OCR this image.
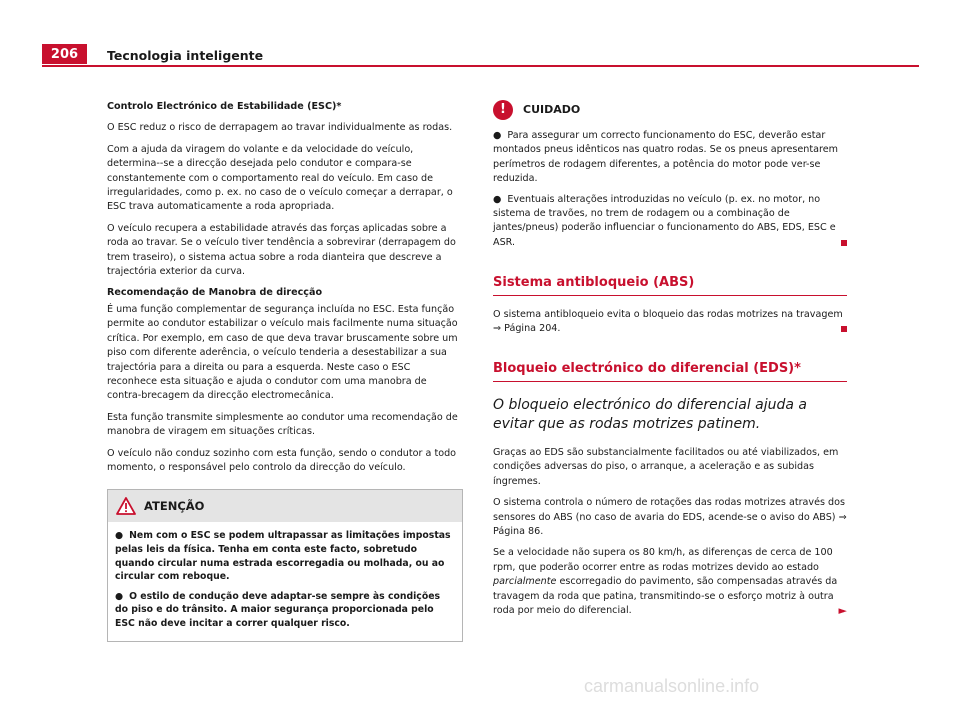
206	Tecnologia inteligente

Controlo Electrónico de Estabilidade (ESC)*

O ESC reduz o risco de derrapagem ao travar individualmente as rodas.

Com a ajuda da viragem do volante e da velocidade do veículo, determina--se a direcção desejada pelo condutor e compara-se constantemente com o comportamento real do veículo. Em caso de irregularidades, como p. ex. no caso de o veículo começar a derrapar, o ESC trava automaticamente a roda apropriada.

O veículo recupera a estabilidade através das forças aplicadas sobre a roda ao travar. Se o veículo tiver tendência a sobrevirar (derrapagem do trem traseiro), o sistema actua sobre a roda dianteira que descreve a trajectória exterior da curva.

Recomendação de Manobra de direcção

É uma função complementar de segurança incluída no ESC. Esta função permite ao condutor estabilizar o veículo mais facilmente numa situação crítica. Por exemplo, em caso de que deva travar bruscamente sobre um piso com diferente aderência, o veículo tenderia a desestabilizar a sua trajectória para a direita ou para a esquerda. Neste caso o ESC reconhece esta situação e ajuda o condutor com uma manobra de contra-brecagem da direcção electromecânica.

Esta função transmite simplesmente ao condutor uma recomendação de manobra de viragem em situações críticas.

O veículo não conduz sozinho com esta função, sendo o condutor a todo momento, o responsável pelo controlo da direcção do veículo.

ATENÇÃO

● Nem com o ESC se podem ultrapassar as limitações impostas pelas leis da física. Tenha em conta este facto, sobretudo quando circular numa estrada escorregadia ou molhada, ou ao circular com reboque.

● O estilo de condução deve adaptar-se sempre às condições do piso e do trânsito. A maior segurança proporcionada pelo ESC não deve incitar a correr qualquer risco.

!	CUIDADO

● Para assegurar um correcto funcionamento do ESC, deverão estar montados pneus idênticos nas quatro rodas. Se os pneus apresentarem perímetros de rodagem diferentes, a potência do motor pode ver-se reduzida.

● Eventuais alterações introduzidas no veículo (p. ex. no motor, no sistema de travões, no trem de rodagem ou a combinação de jantes/pneus) poderão influenciar o funcionamento do ABS, EDS, ESC e ASR.

Sistema antibloqueio (ABS)

O sistema antibloqueio evita o bloqueio das rodas motrizes na travagem ⇒ Página 204.

Bloqueio electrónico do diferencial (EDS)*

O bloqueio electrónico do diferencial ajuda a evitar que as rodas motrizes patinem.

Graças ao EDS são substancialmente facilitados ou até viabilizados, em condições adversas do piso, o arranque, a aceleração e as subidas íngremes.

O sistema controla o número de rotações das rodas motrizes através dos sensores do ABS (no caso de avaria do EDS, acende-se o aviso do ABS) ⇒ Página 86.

Se a velocidade não supera os 80 km/h, as diferenças de cerca de 100 rpm, que poderão ocorrer entre as rodas motrizes devido ao estado parcialmente escorregadio do pavimento, são compensadas através da travagem da roda que patina, transmitindo-se o esforço motriz à outra roda por meio do diferencial.	►

carmanualsonline.info
